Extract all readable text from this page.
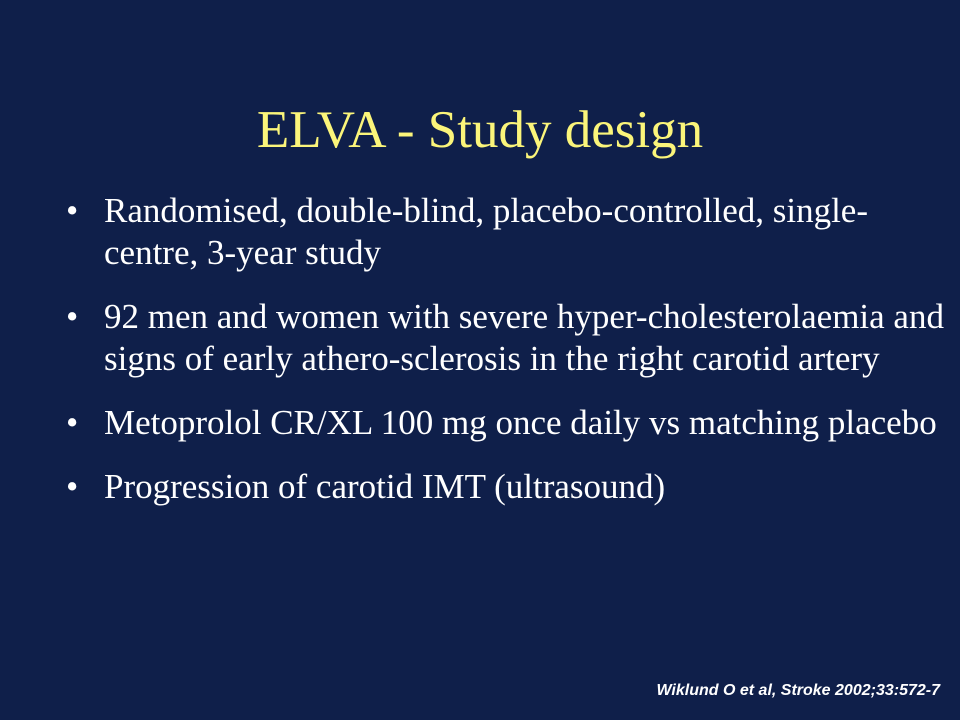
ELVA - Study design
• Randomised, double-blind, placebo-controlled, single-centre, 3-year study
• 92 men and women with severe hyper-cholesterolaemia and signs of early athero-sclerosis in the right carotid artery
• Metoprolol CR/XL 100 mg once daily vs matching placebo
• Progression of carotid IMT (ultrasound)
Wiklund O et al, Stroke 2002;33:572-7
